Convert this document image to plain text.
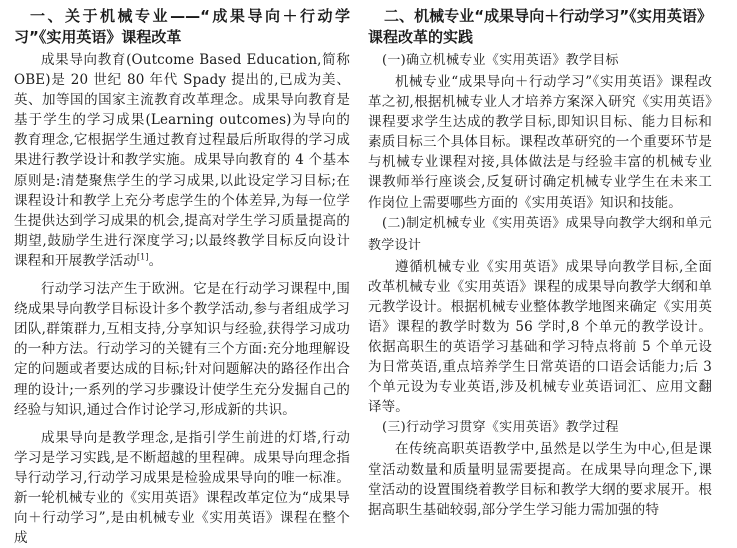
一、关于机械专业——“成果导向＋行动学习”《实用英语》课程改革

成果导向教育(Outcome Based Education,简称 OBE)是 20 世纪 80 年代 Spady 提出的,已成为美、英、加等国的国家主流教育改革理念。成果导向教育是基于学生的学习成果(Learning outcomes)为导向的教育理念,它根据学生通过教育过程最后所取得的学习成果进行教学设计和教学实施。成果导向教育的 4 个基本原则是:清楚聚焦学生的学习成果,以此设定学习目标;在课程设计和教学上充分考虑学生的个体差异,为每一位学生提供达到学习成果的机会,提高对学生学习质量提高的期望,鼓励学生进行深度学习;以最终教学目标反向设计课程和开展教学活动[1]。

行动学习法产生于欧洲。它是在行动学习课程中,围绕成果导向教学目标设计多个教学活动,参与者组成学习团队,群策群力,互相支持,分享知识与经验,获得学习成功的一种方法。行动学习的关键有三个方面:充分地理解设定的问题或者要达成的目标;针对问题解决的路径作出合理的设计;一系列的学习步骤设计使学生充分发掘自己的经验与知识,通过合作讨论学习,形成新的共识。

成果导向是教学理念,是指引学生前进的灯塔,行动学习是学习实践,是不断超越的里程碑。成果导向理念指导行动学习,行动学习成果是检验成果导向的唯一标准。新一轮机械专业的《实用英语》课程改革定位为“成果导向＋行动学习”,是由机械专业《实用英语》课程在整个成

二、机械专业“成果导向＋行动学习”《实用英语》课程改革的实践
(一)确立机械专业《实用英语》教学目标

机械专业“成果导向＋行动学习”《实用英语》课程改革之初,根据机械专业人才培养方案深入研究《实用英语》课程要求学生达成的教学目标,即知识目标、能力目标和素质目标三个具体目标。课程改革研究的一个重要环节是与机械专业课程对接,具体做法是与经验丰富的机械专业课教师举行座谈会,反复研讨确定机械专业学生在未来工作岗位上需要哪些方面的《实用英语》知识和技能。

(二)制定机械专业《实用英语》成果导向教学大纲和单元教学设计

遵循机械专业《实用英语》成果导向教学目标,全面改革机械专业《实用英语》课程的成果导向教学大纲和单元教学设计。根据机械专业整体教学地图来确定《实用英语》课程的教学时数为 56 学时,8 个单元的教学设计。依据高职生的英语学习基础和学习特点将前 5 个单元设为日常英语,重点培养学生日常英语的口语会话能力;后 3 个单元设为专业英语,涉及机械专业英语词汇、应用文翻译等。

(三)行动学习贯穿《实用英语》教学过程

在传统高职英语教学中,虽然是以学生为中心,但是课堂活动数量和质量明显需要提高。在成果导向理念下,课堂活动的设置围绕着教学目标和教学大纲的要求展开。根据高职生基础较弱,部分学生学习能力需加强的特
